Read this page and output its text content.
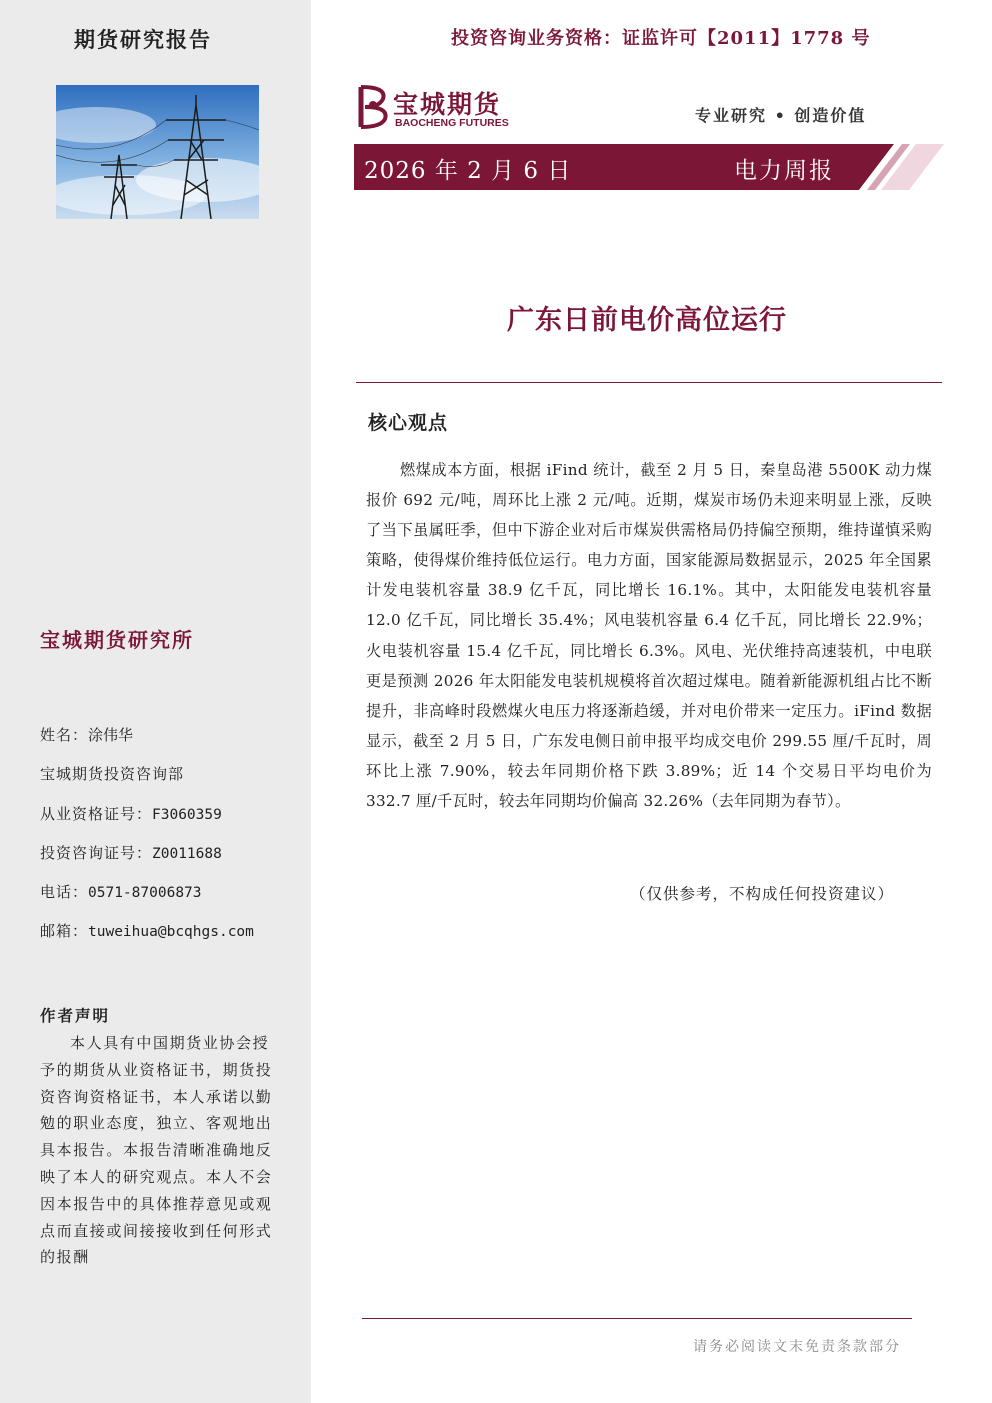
期货研究报告
宝城期货研究所
姓名：涂伟华
宝城期货投资咨询部
从业资格证号：F3060359
投资咨询证号：Z0011688
电话：0571-87006873
邮箱：tuweihua@bcqhgs.com
作者声明
本人具有中国期货业协会授予的期货从业资格证书，期货投资咨询资格证书，本人承诺以勤勉的职业态度，独立、客观地出具本报告。本报告清晰准确地反映了本人的研究观点。本人不会因本报告中的具体推荐意见或观点而直接或间接接收到任何形式的报酬
投资咨询业务资格：证监许可【2011】1778 号
宝城期货
BAOCHENG FUTURES	专业研究 • 创造价值
2026 年 2 月 6 日	电力周报
广东日前电价高位运行
核心观点
燃煤成本方面，根据 iFind 统计，截至 2 月 5 日，秦皇岛港 5500K 动力煤报价 692 元/吨，周环比上涨 2 元/吨。近期，煤炭市场仍未迎来明显上涨，反映了当下虽属旺季，但中下游企业对后市煤炭供需格局仍持偏空预期，维持谨慎采购策略，使得煤价维持低位运行。电力方面，国家能源局数据显示，2025 年全国累计发电装机容量 38.9 亿千瓦，同比增长 16.1%。其中，太阳能发电装机容量 12.0 亿千瓦，同比增长 35.4%；风电装机容量 6.4 亿千瓦，同比增长 22.9%；火电装机容量 15.4 亿千瓦，同比增长 6.3%。风电、光伏维持高速装机，中电联更是预测 2026 年太阳能发电装机规模将首次超过煤电。随着新能源机组占比不断提升，非高峰时段燃煤火电压力将逐渐趋缓，并对电价带来一定压力。iFind 数据显示，截至 2 月 5 日，广东发电侧日前申报平均成交电价 299.55 厘/千瓦时，周环比上涨 7.90%，较去年同期价格下跌 3.89%；近 14 个交易日平均电价为 332.7 厘/千瓦时，较去年同期均价偏高 32.26%（去年同期为春节）。
（仅供参考，不构成任何投资建议）
请务必阅读文末免责条款部分
